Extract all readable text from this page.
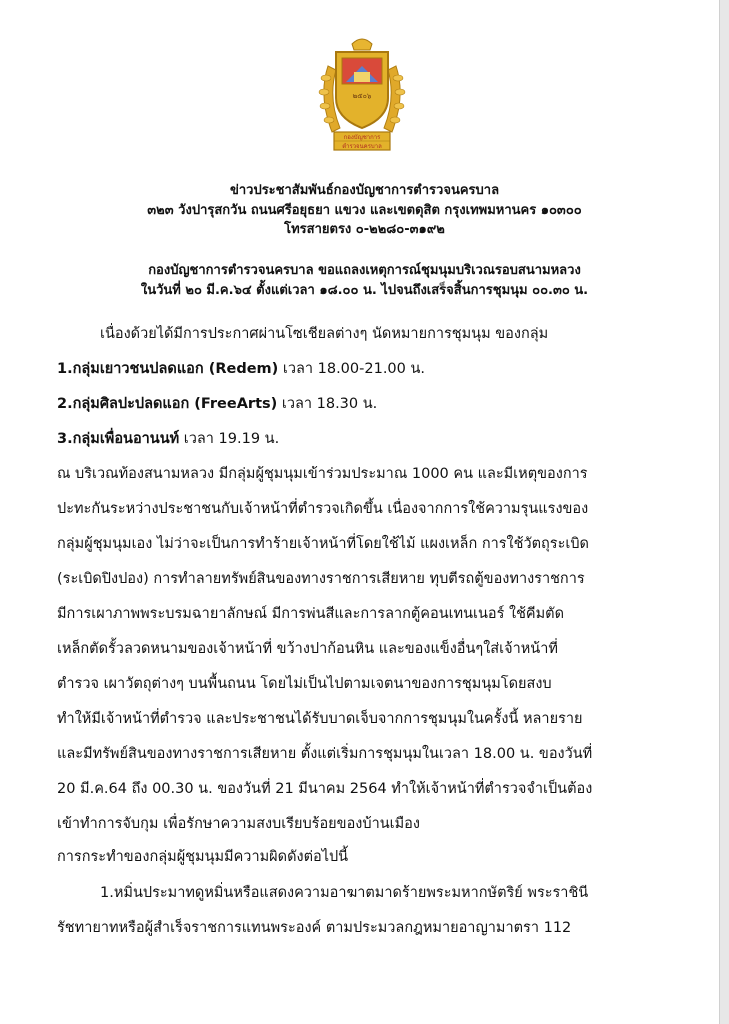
๒๕๐๖
กองบัญชาการ
ตำรวจนครบาล
ข่าวประชาสัมพันธ์กองบัญชาการตำรวจนครบาล
๓๒๓ วังปารุสกวัน ถนนศรีอยุธยา แขวง และเขตดุสิต กรุงเทพมหานคร ๑๐๓๐๐
โทรสายตรง ๐-๒๒๘๐-๓๑๙๒
กองบัญชาการตำรวจนครบาล ขอแถลงเหตุการณ์ชุมนุมบริเวณรอบสนามหลวง
ในวันที่ ๒๐ มี.ค.๖๔ ตั้งแต่เวลา ๑๘.๐๐ น. ไปจนถึงเสร็จสิ้นการชุมนุม ๐๐.๓๐ น.
เนื่องด้วยได้มีการประกาศผ่านโซเชียลต่างๆ นัดหมายการชุมนุม ของกลุ่ม
1.กลุ่มเยาวชนปลดแอก (Redem) เวลา 18.00-21.00 น.
2.กลุ่มศิลปะปลดแอก (FreeArts) เวลา 18.30 น.
3.กลุ่มเพื่อนอานนท์ เวลา 19.19 น.
ณ บริเวณท้องสนามหลวง มีกลุ่มผู้ชุมนุมเข้าร่วมประมาณ 1000 คน และมีเหตุของการ
ปะทะกันระหว่างประชาชนกับเจ้าหน้าที่ตำรวจเกิดขึ้น เนื่องจากการใช้ความรุนแรงของ
กลุ่มผู้ชุมนุมเอง ไม่ว่าจะเป็นการทำร้ายเจ้าหน้าที่โดยใช้ไม้ แผงเหล็ก การใช้วัตถุระเบิด
(ระเบิดปิงปอง) การทำลายทรัพย์สินของทางราชการเสียหาย ทุบตีรถตู้ของทางราชการ
มีการเผาภาพพระบรมฉายาลักษณ์ มีการพ่นสีและการลากตู้คอนเทนเนอร์ ใช้คีมตัด
เหล็กตัดรั้วลวดหนามของเจ้าหน้าที่ ขว้างปาก้อนหิน และของแข็งอื่นๆใส่เจ้าหน้าที่
ตำรวจ เผาวัตถุต่างๆ บนพื้นถนน โดยไม่เป็นไปตามเจตนาของการชุมนุมโดยสงบ
ทำให้มีเจ้าหน้าที่ตำรวจ และประชาชนได้รับบาดเจ็บจากการชุมนุมในครั้งนี้ หลายราย
และมีทรัพย์สินของทางราชการเสียหาย ตั้งแต่เริ่มการชุมนุมในเวลา 18.00 น. ของวันที่
20 มี.ค.64 ถึง 00.30 น. ของวันที่ 21 มีนาคม 2564 ทำให้เจ้าหน้าที่ตำรวจจำเป็นต้อง
เข้าทำการจับกุม เพื่อรักษาความสงบเรียบร้อยของบ้านเมือง
การกระทำของกลุ่มผู้ชุมนุมมีความผิดดังต่อไปนี้
1.หมิ่นประมาทดูหมิ่นหรือแสดงความอาฆาตมาดร้ายพระมหากษัตริย์ พระราชินี
รัชทายาทหรือผู้สำเร็จราชการแทนพระองค์ ตามประมวลกฎหมายอาญามาตรา 112
